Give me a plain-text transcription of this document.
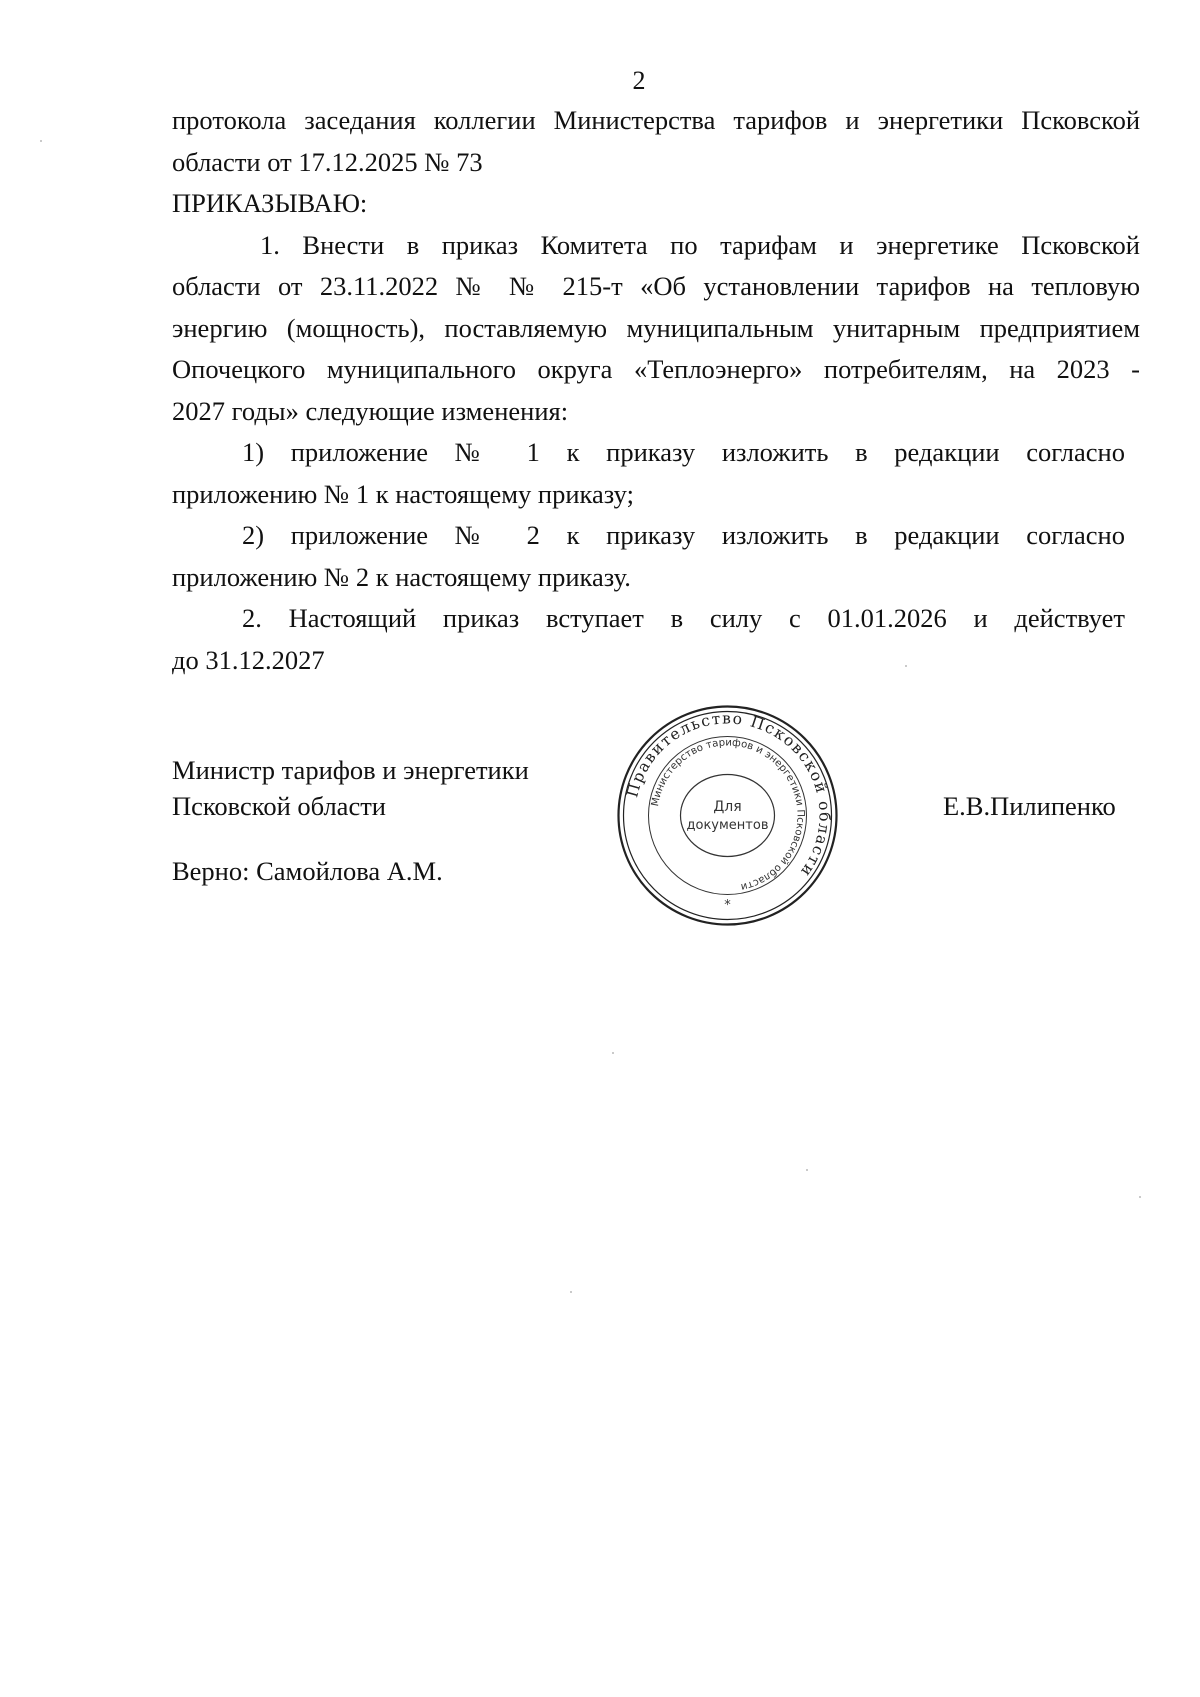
2
протокола заседания коллегии Министерства тарифов и энергетики Псковской
области от 17.12.2025 № 73
ПРИКАЗЫВАЮ:
1. Внести в приказ Комитета по тарифам и энергетике Псковской
области от 23.11.2022 № № 215-т «Об установлении тарифов на тепловую
энергию (мощность), поставляемую муниципальным унитарным предприятием
Опочецкого муниципального округа «Теплоэнерго» потребителям, на 2023 -
2027 годы» следующие изменения:
1) приложение № 1 к приказу изложить в редакции согласно
приложению № 1 к настоящему приказу;
2) приложение № 2 к приказу изложить в редакции согласно
приложению № 2 к настоящему приказу.
2. Настоящий приказ вступает в силу с 01.01.2026 и действует
до 31.12.2027
Министр тарифов и энергетики
Псковской области	Е.В.Пилипенко
Верно: Самойлова А.М.
Правительство Псковской области
Министерство тарифов и энергетики Псковской области
Для
документов
*
